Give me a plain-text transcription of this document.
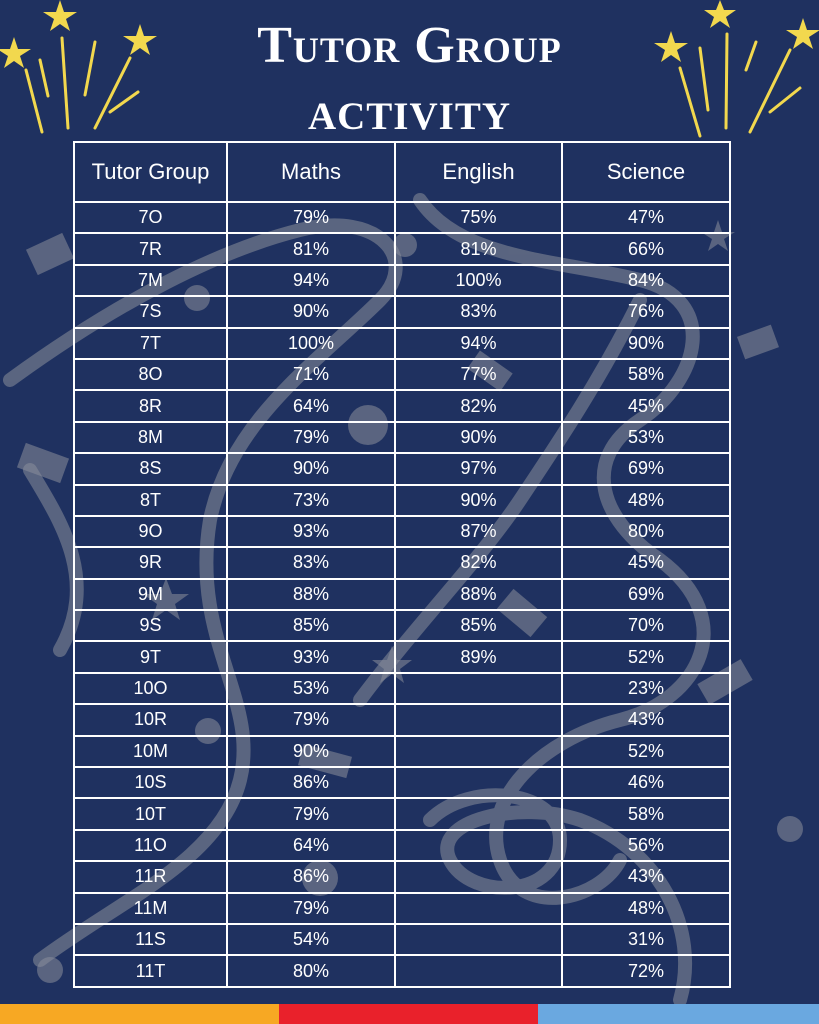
Tutor Group
activity
Tutor Group	Maths	English	Science
7O	79%	75%	47%
7R	81%	81%	66%
7M	94%	100%	84%
7S	90%	83%	76%
7T	100%	94%	90%
8O	71%	77%	58%
8R	64%	82%	45%
8M	79%	90%	53%
8S	90%	97%	69%
8T	73%	90%	48%
9O	93%	87%	80%
9R	83%	82%	45%
9M	88%	88%	69%
9S	85%	85%	70%
9T	93%	89%	52%
10O	53%		23%
10R	79%		43%
10M	90%		52%
10S	86%		46%
10T	79%		58%
11O	64%		56%
11R	86%		43%
11M	79%		48%
11S	54%		31%
11T	80%		72%
